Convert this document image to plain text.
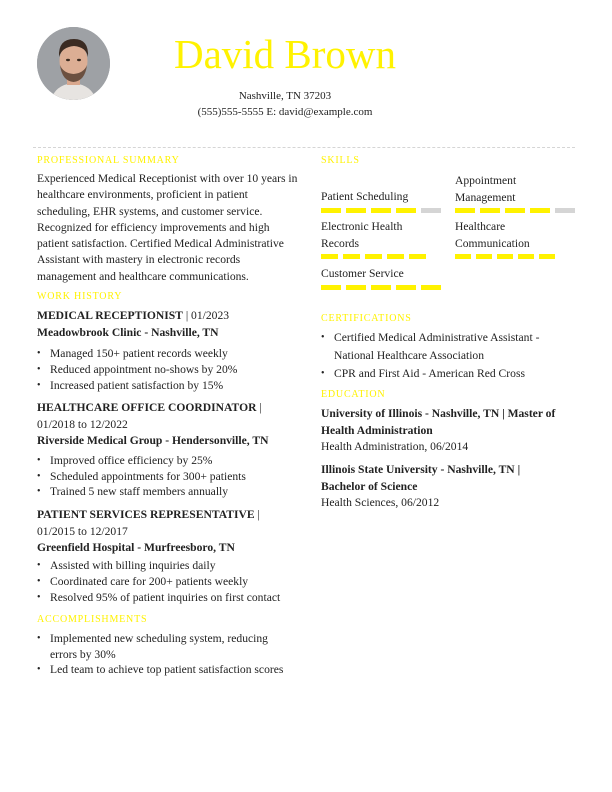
David Brown
Nashville, TN 37203
(555)555-5555 E: david@example.com
PROFESSIONAL SUMMARY
Experienced Medical Receptionist with over 10 years in healthcare environments, proficient in patient scheduling, EHR systems, and customer service. Recognized for efficiency improvements and high patient satisfaction. Certified Medical Administrative Assistant with mastery in electronic records management and healthcare communications.
WORK HISTORY
MEDICAL RECEPTIONIST | 01/2023
Meadowbrook Clinic - Nashville, TN
• Managed 150+ patient records weekly
• Reduced appointment no-shows by 20%
• Increased patient satisfaction by 15%
HEALTHCARE OFFICE COORDINATOR |
01/2018 to 12/2022
Riverside Medical Group - Hendersonville, TN
• Improved office efficiency by 25%
• Scheduled appointments for 300+ patients
• Trained 5 new staff members annually
PATIENT SERVICES REPRESENTATIVE |
01/2015 to 12/2017
Greenfield Hospital - Murfreesboro, TN
• Assisted with billing inquiries daily
• Coordinated care for 200+ patients weekly
• Resolved 95% of patient inquiries on first contact
ACCOMPLISHMENTS
• Implemented new scheduling system, reducing errors by 30%
• Led team to achieve top patient satisfaction scores
SKILLS
Patient Scheduling
Appointment Management
Electronic Health Records
Healthcare Communication
Customer Service
CERTIFICATIONS
• Certified Medical Administrative Assistant - National Healthcare Association
• CPR and First Aid - American Red Cross
EDUCATION
University of Illinois - Nashville, TN | Master of Health Administration
Health Administration, 06/2014
Illinois State University - Nashville, TN | Bachelor of Science
Health Sciences, 06/2012
